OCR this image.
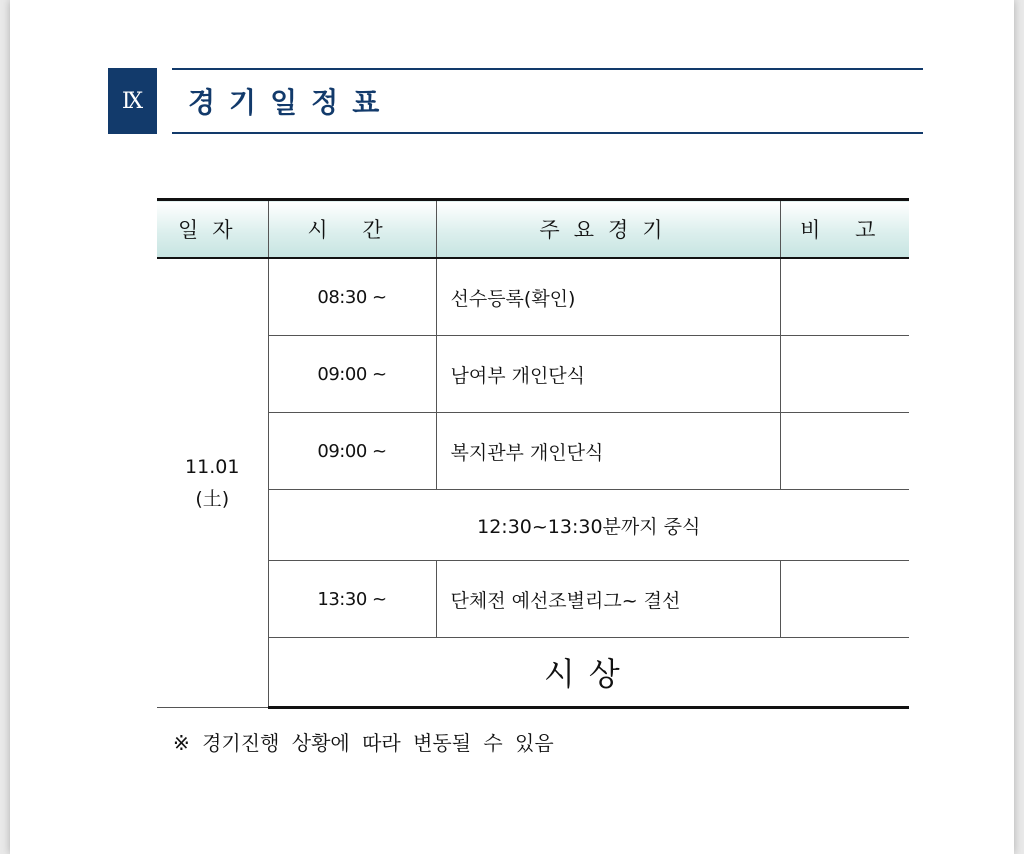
Ⅸ	경기일정표
일자	시 간	주요경기	비 고

11.01
(土)	08:30 ~	선수등록(확인)	
	09:00 ~	남여부 개인단식	
	09:00 ~	복지관부 개인단식	
	12:30~13:30분까지 중식		
	13:30 ~	단체전 예선조별리그~ 결선	
	시상		
※ 경기진행 상황에 따라 변동될 수 있음
